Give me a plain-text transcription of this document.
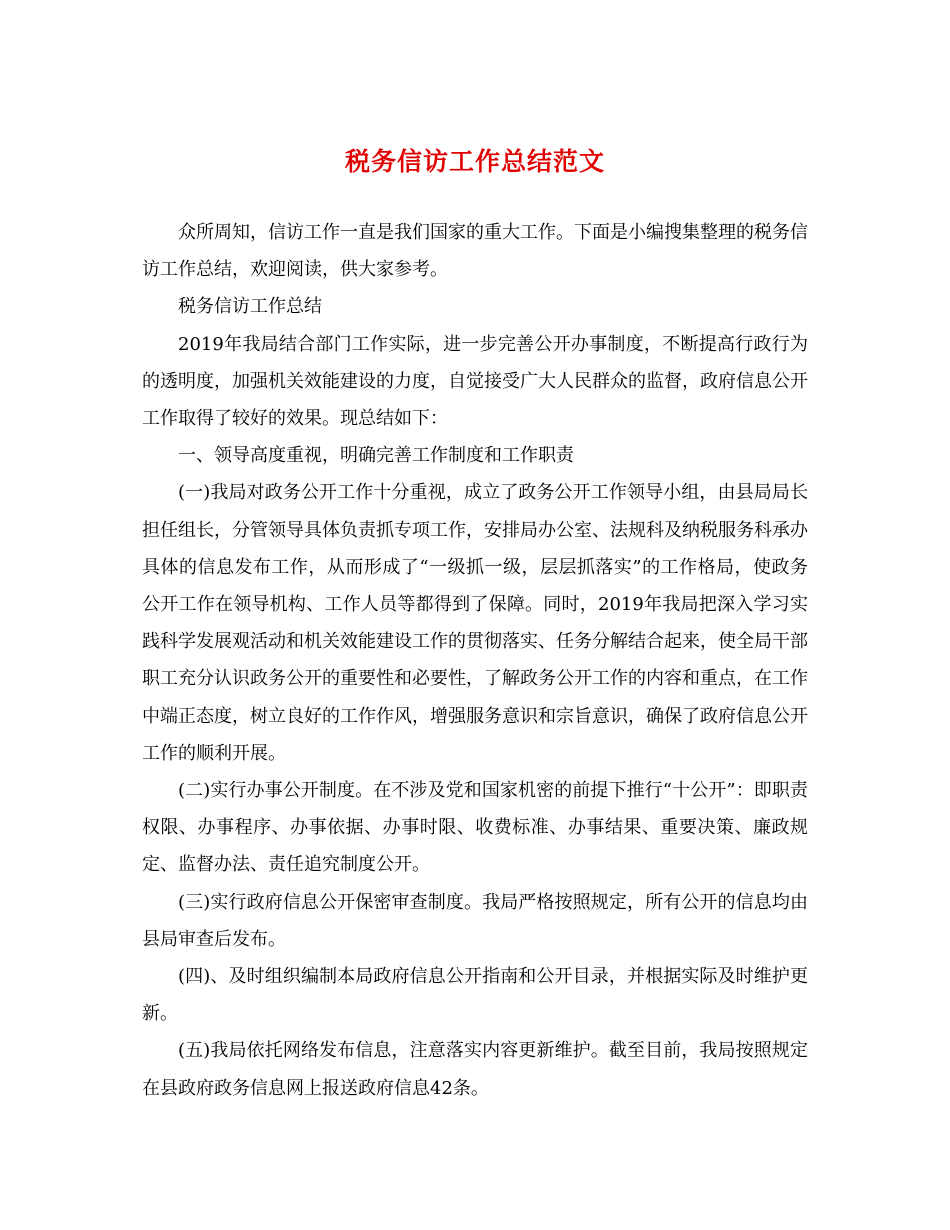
税务信访工作总结范文

众所周知，信访工作一直是我们国家的重大工作。下面是小编搜集整理的税务信访工作总结，欢迎阅读，供大家参考。

税务信访工作总结

2019年我局结合部门工作实际，进一步完善公开办事制度，不断提高行政行为的透明度，加强机关效能建设的力度，自觉接受广大人民群众的监督，政府信息公开工作取得了较好的效果。现总结如下：

一、领导高度重视，明确完善工作制度和工作职责

(一)我局对政务公开工作十分重视，成立了政务公开工作领导小组，由县局局长担任组长，分管领导具体负责抓专项工作，安排局办公室、法规科及纳税服务科承办具体的信息发布工作，从而形成了“一级抓一级，层层抓落实”的工作格局，使政务公开工作在领导机构、工作人员等都得到了保障。同时，2019年我局把深入学习实践科学发展观活动和机关效能建设工作的贯彻落实、任务分解结合起来，使全局干部职工充分认识政务公开的重要性和必要性，了解政务公开工作的内容和重点，在工作中端正态度，树立良好的工作作风，增强服务意识和宗旨意识，确保了政府信息公开工作的顺利开展。

(二)实行办事公开制度。在不涉及党和国家机密的前提下推行“十公开”：即职责权限、办事程序、办事依据、办事时限、收费标准、办事结果、重要决策、廉政规定、监督办法、责任追究制度公开。

(三)实行政府信息公开保密审查制度。我局严格按照规定，所有公开的信息均由县局审查后发布。

(四)、及时组织编制本局政府信息公开指南和公开目录，并根据实际及时维护更新。

(五)我局依托网络发布信息，注意落实内容更新维护。截至目前，我局按照规定在县政府政务信息网上报送政府信息42条。
